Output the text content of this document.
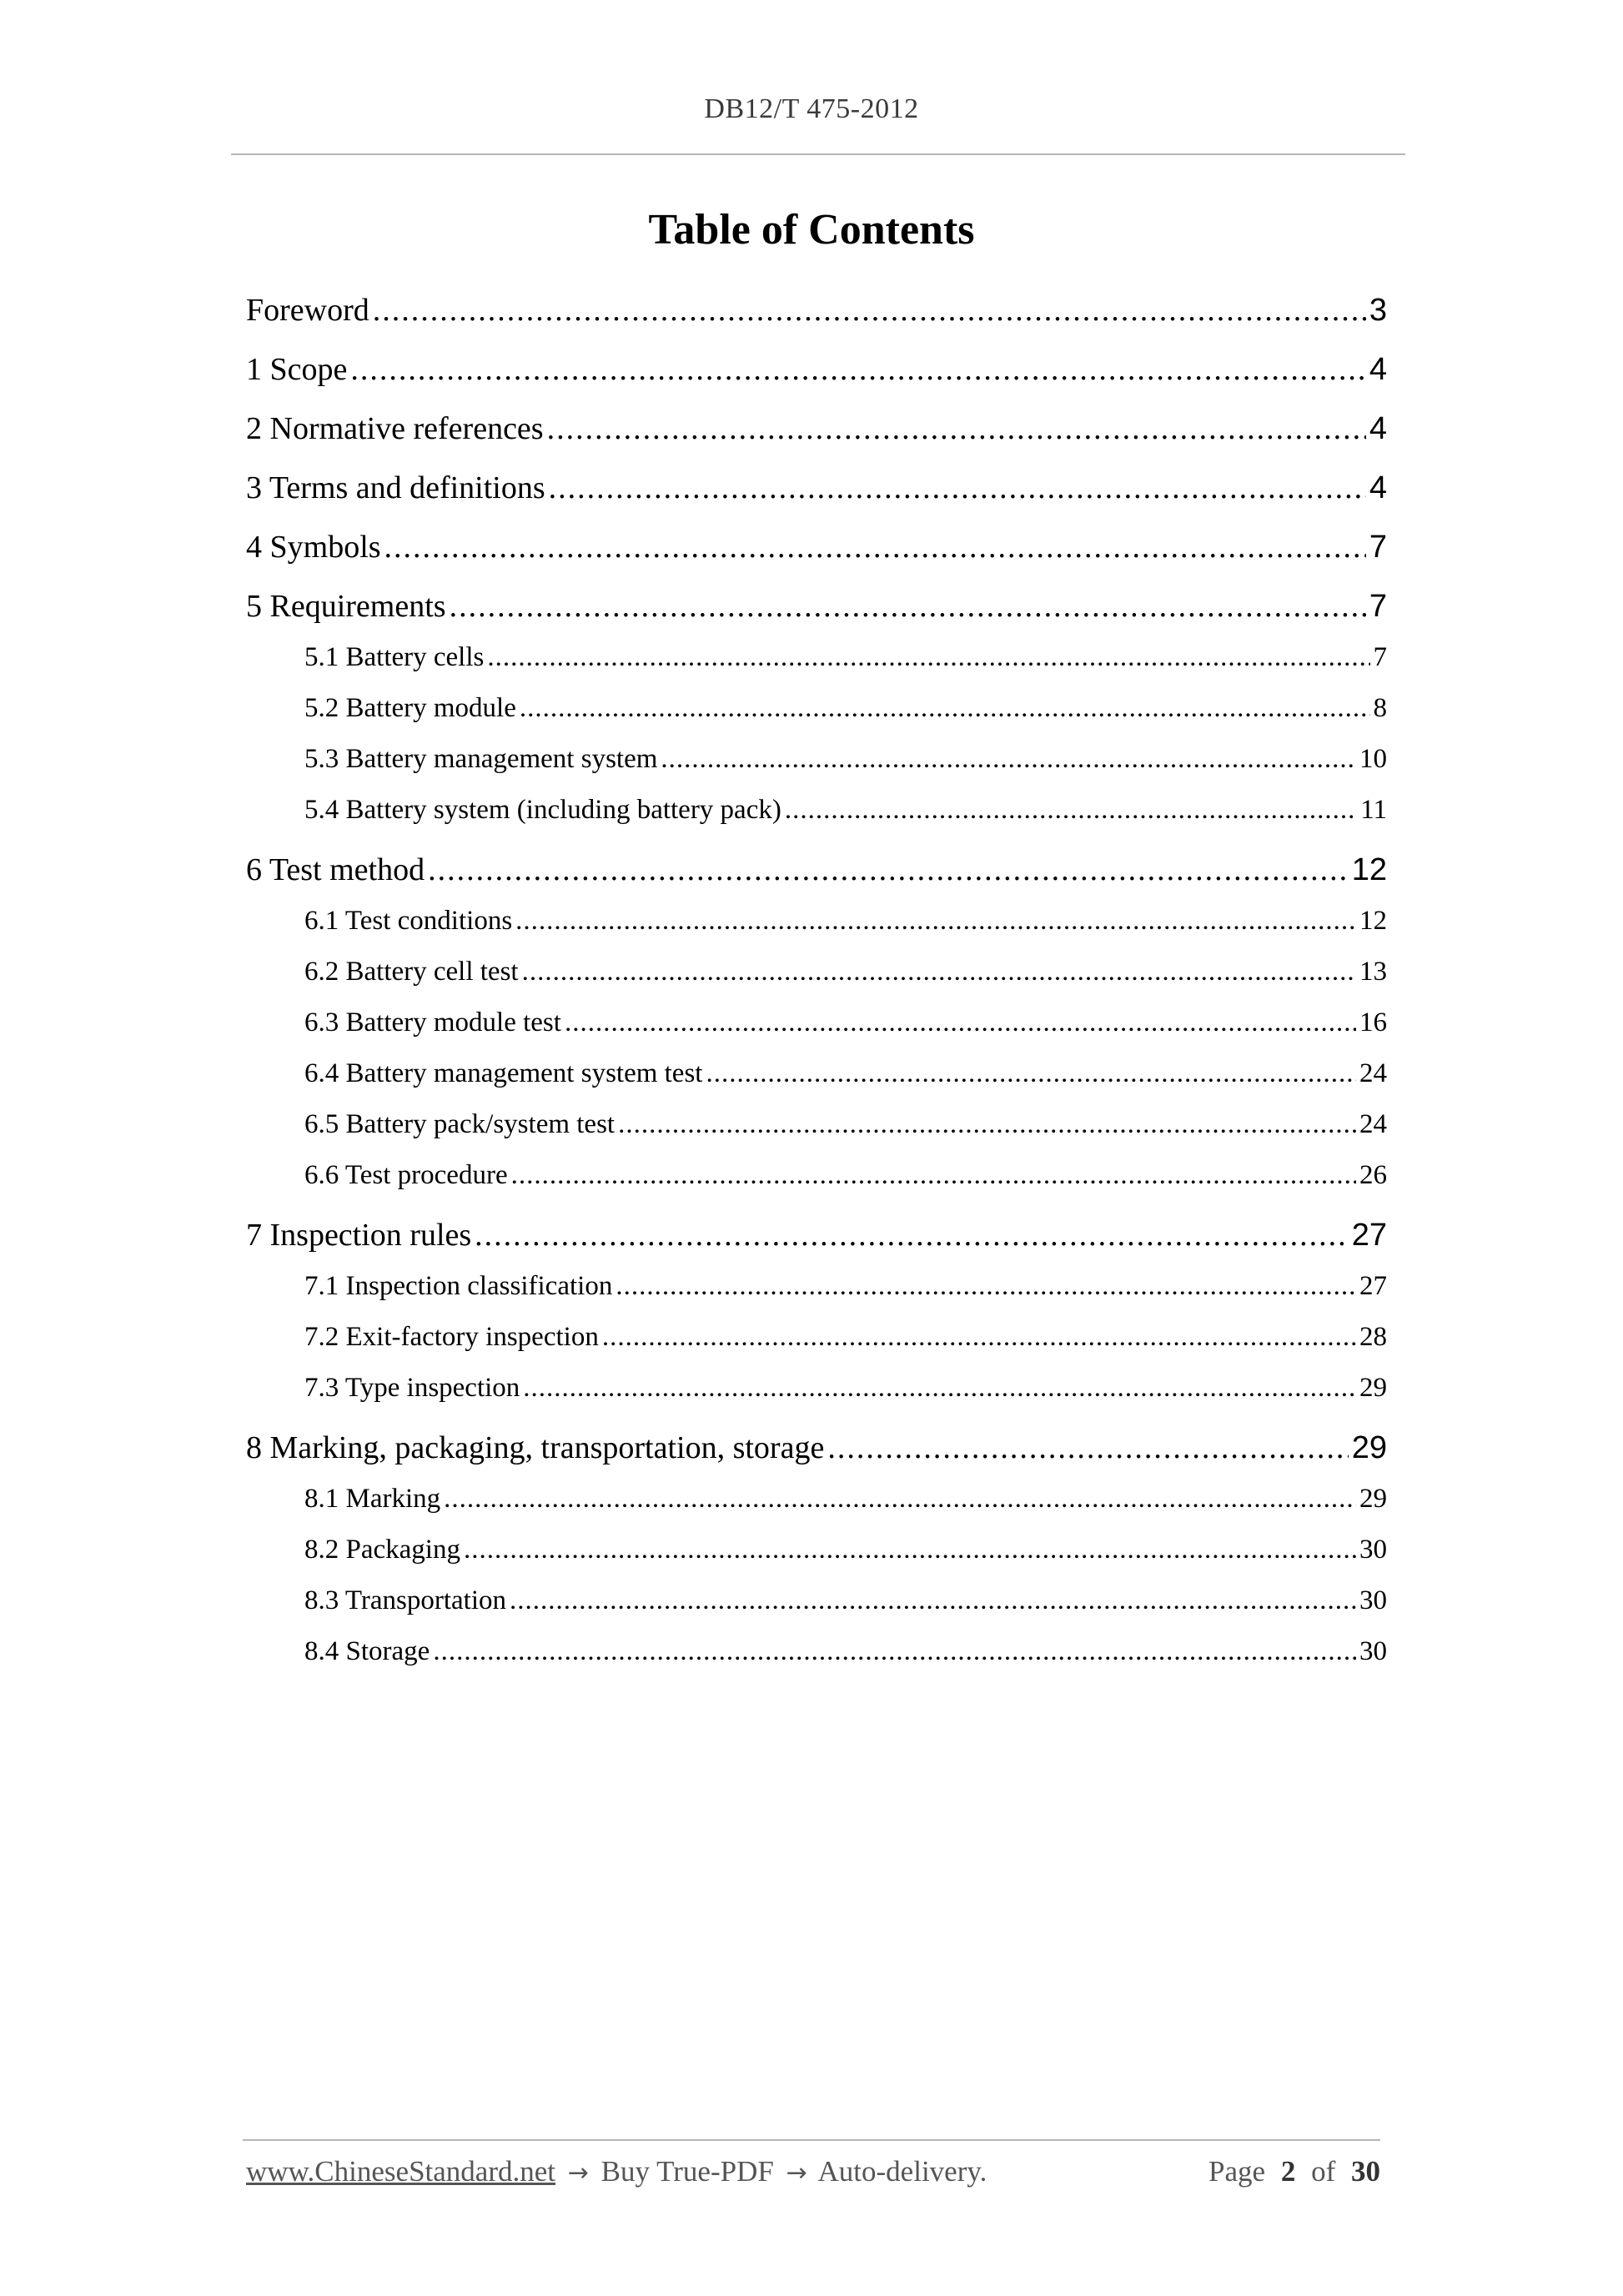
DB12/T 475-2012
Table of Contents
Foreword .....	3
1 Scope .....	4
2 Normative references .....	4
3 Terms and definitions .....	4
4 Symbols .....	7
5 Requirements .....	7
5.1 Battery cells .....	7
5.2 Battery module .....	8
5.3 Battery management system .....	10
5.4 Battery system (including battery pack) .....	11
6 Test method .....	12
6.1 Test conditions .....	12
6.2 Battery cell test .....	13
6.3 Battery module test .....	16
6.4 Battery management system test .....	24
6.5 Battery pack/system test .....	24
6.6 Test procedure .....	26
7 Inspection rules .....	27
7.1 Inspection classification .....	27
7.2 Exit-factory inspection .....	28
7.3 Type inspection .....	29
8 Marking, packaging, transportation, storage .....	29
8.1 Marking .....	29
8.2 Packaging .....	30
8.3 Transportation .....	30
8.4 Storage .....	30
www.ChineseStandard.net → Buy True-PDF → Auto-delivery.	Page 2 of 30
